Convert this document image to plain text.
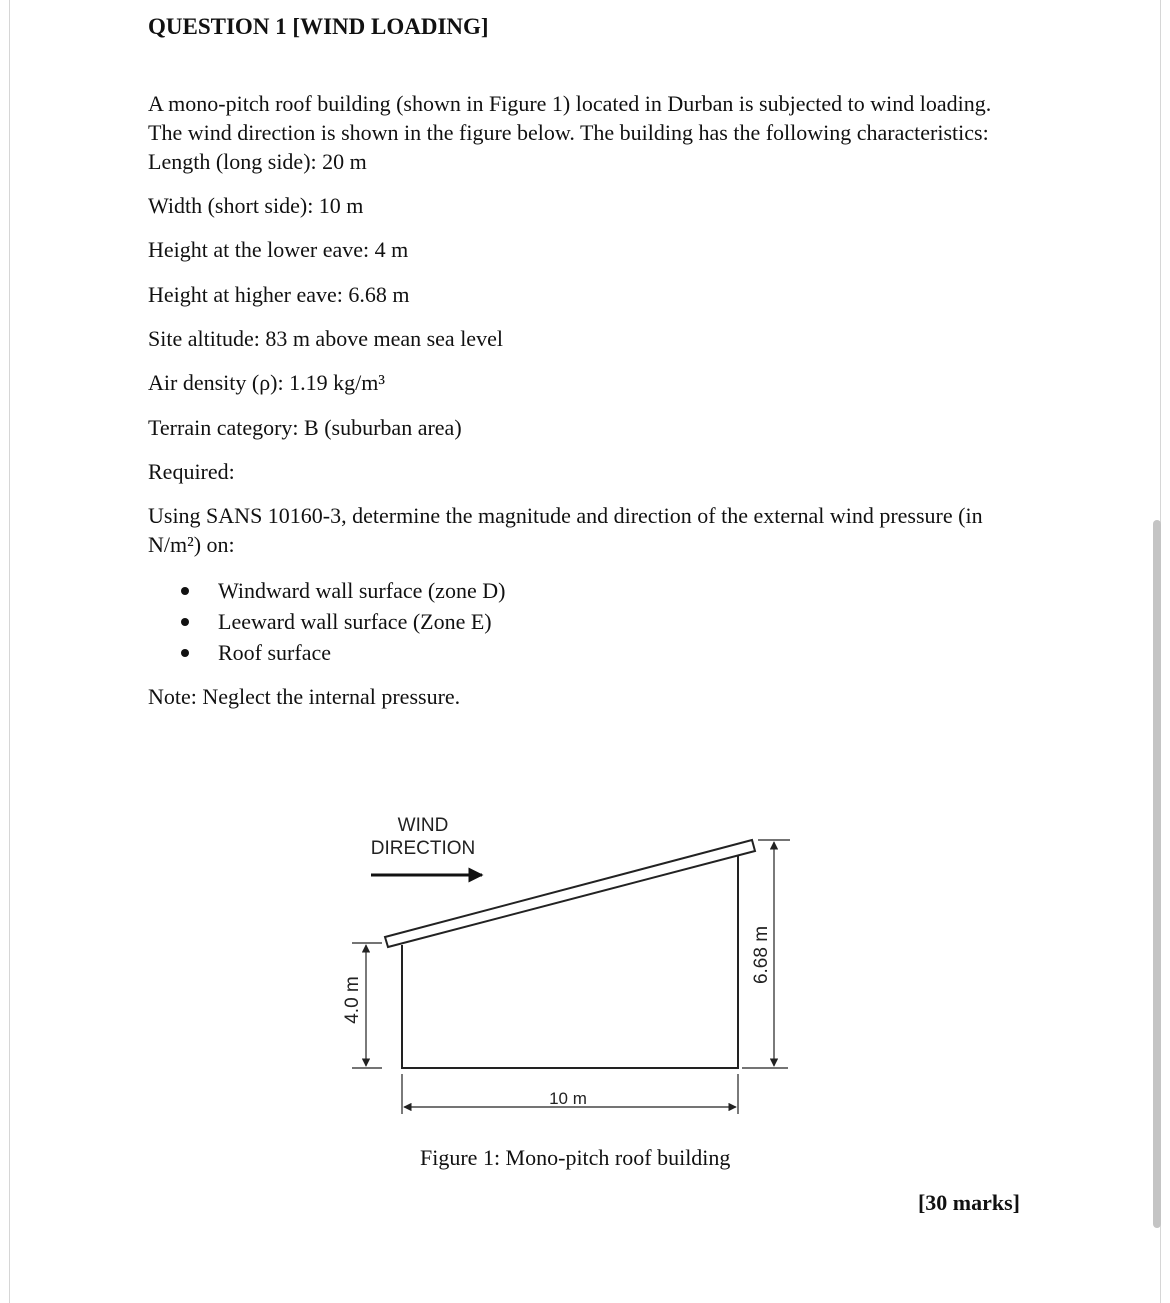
QUESTION 1 [WIND LOADING]

A mono-pitch roof building (shown in Figure 1) located in Durban is subjected to wind loading.

The wind direction is shown in the figure below. The building has the following characteristics:

Length (long side): 20 m

Width (short side): 10 m

Height at the lower eave: 4 m

Height at higher eave: 6.68 m

Site altitude: 83 m above mean sea level

Air density (ρ): 1.19 kg/m³

Terrain category: B (suburban area)

Required:

Using SANS 10160-3, determine the magnitude and direction of the external wind pressure (in

N/m²) on:

Windward wall surface (zone D)
Leeward wall surface (Zone E)
Roof surface

Note: Neglect the internal pressure.

WIND
DIRECTION
4.0 m
6.68 m
10 m

Figure 1: Mono-pitch roof building

[30 marks]
